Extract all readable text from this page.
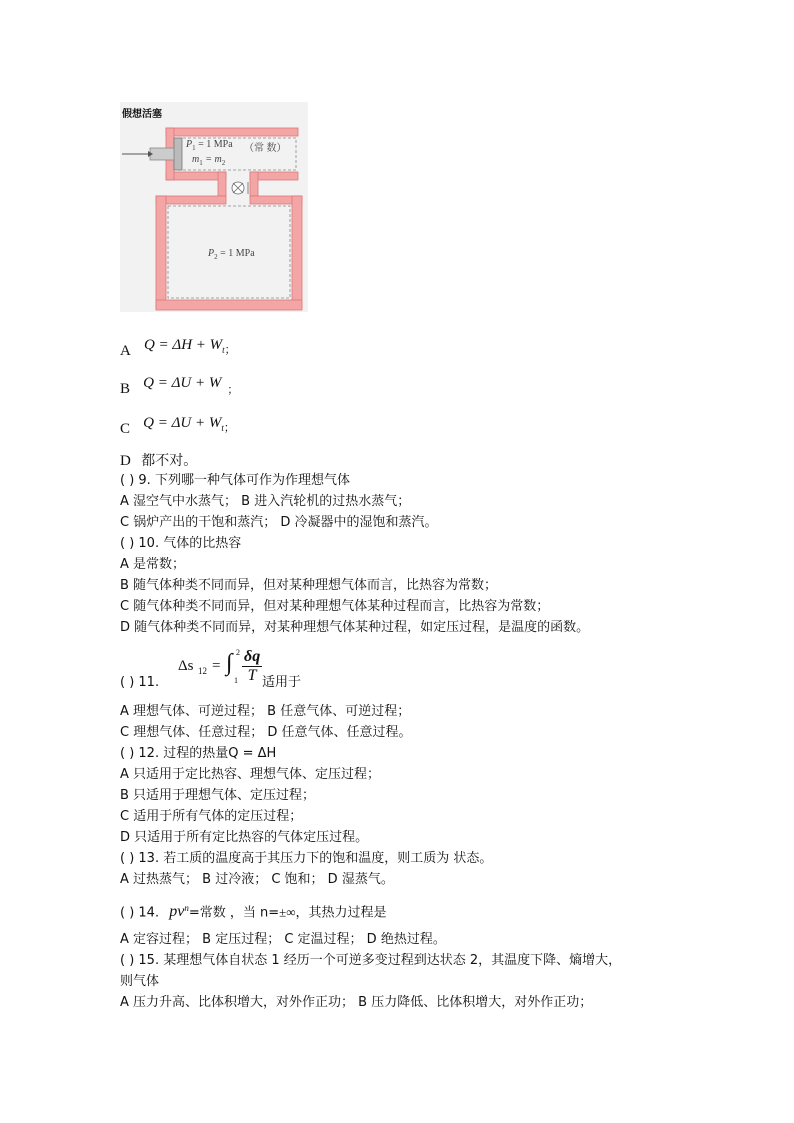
假想活塞
$P_1 = 1$ MPa （常 数）
$m_1 = m_2$
$P_2 = 1$ MPa
A $Q = \Delta H + W_{t;}$
B Q = ΔU + W $_;$
C $Q = \Delta U + W_{t;}$
D 都不对。
( ) 9. 下列哪一种气体可作为作理想气体
A 湿空气中水蒸气； B 进入汽轮机的过热水蒸气；
C 锅炉产出的干饱和蒸汽； D 冷凝器中的湿饱和蒸汽。
( ) 10. 气体的比热容
A 是常数；
B 随气体种类不同而异，但对某种理想气体而言，比热容为常数；
C 随气体种类不同而异，但对某种理想气体某种过程而言，比热容为常数；
D 随气体种类不同而异，对某种理想气体某种过程，如定压过程，是温度的函数。
( ) 11.
Δs 12 = ∫ 2
$1 \frac{\delta q}{T}$ 适用于
A 理想气体、可逆过程； B 任意气体、可逆过程；
C 理想气体、任意过程； D 任意气体、任意过程。
( ) 12. 过程的热量Q = ΔH
A 只适用于定比热容、理想气体、定压过程；
B 只适用于理想气体、定压过程；
C 适用于所有气体的定压过程；
D 只适用于所有定比热容的气体定压过程。
( ) 13. 若工质的温度高于其压力下的饱和温度，则工质为 状态。
A 过热蒸气； B 过冷液； C 饱和； D 湿蒸气。
( ) 14. $pv^n=$常数 ，当 n=±∞，其热力过程是
A 定容过程； B 定压过程； C 定温过程； D 绝热过程。
( ) 15. 某理想气体自状态 1 经历一个可逆多变过程到达状态 2，其温度下降、熵增大，
则气体
A 压力升高、比体积增大，对外作正功； B 压力降低、比体积增大，对外作正功；
